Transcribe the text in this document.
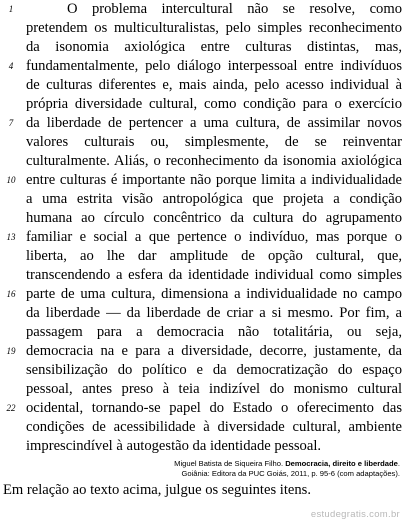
1
4
7
10
13
16
19
22
O problema intercultural não se resolve, como
pretendem os multiculturalistas, pelo simples reconhecimento
da isonomia axiológica entre culturas distintas, mas,
fundamentalmente, pelo diálogo interpessoal entre indivíduos
de culturas diferentes e, mais ainda, pelo acesso individual à
própria diversidade cultural, como condição para o exercício
da liberdade de pertencer a uma cultura, de assimilar novos
valores culturais ou, simplesmente, de se reinventar
culturalmente. Aliás, o reconhecimento da isonomia axiológica
entre culturas é importante não porque limita a individualidade
a uma estrita visão antropológica que projeta a condição
humana ao círculo concêntrico da cultura do agrupamento
familiar e social a que pertence o indivíduo, mas porque o
liberta, ao lhe dar amplitude de opção cultural, que,
transcendendo a esfera da identidade individual como simples
parte de uma cultura, dimensiona a individualidade no campo
da liberdade — da liberdade de criar a si mesmo. Por fim, a
passagem para a democracia não totalitária, ou seja,
democracia na e para a diversidade, decorre, justamente, da
sensibilização do político e da democratização do espaço
pessoal, antes preso à teia indizível do monismo cultural
ocidental, tornando-se papel do Estado o oferecimento das
condições de acessibilidade à diversidade cultural, ambiente
imprescindível à autogestão da identidade pessoal.
Miguel Batista de Siqueira Filho. Democracia, direito e liberdade.
Goiânia: Editora da PUC Goiás, 2011, p. 95-6 (com adaptações).
Em relação ao texto acima, julgue os seguintes itens.
estudegratis.com.br
